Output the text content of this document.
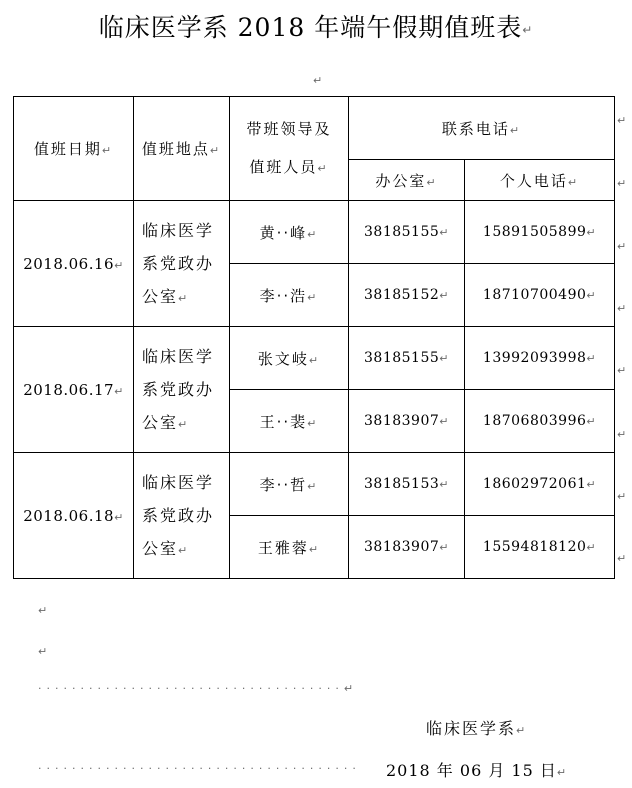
临床医学系 2018 年端午假期值班表↵
↵
值班日期↵	值班地点↵	带班领导及
值班人员↵	联系电话↵	
			办公室↵	个人电话↵
2018.06.16↵	临床医学
系党政办
公室↵	黄··峰↵	38185155↵	15891505899↵
		李··浩↵	38185152↵	18710700490↵
2018.06.17↵	临床医学
系党政办
公室↵	张文岐↵	38185155↵	13992093998↵
		王··裴↵	38183907↵	18706803996↵
2018.06.18↵	临床医学
系党政办
公室↵	李··哲↵	38185153↵	18602972061↵
		王雅蓉↵	38183907↵	15594818120↵
↵
↵
↵
↵
↵
↵
↵
↵
↵
↵
····································↵
临床医学系↵
······································ 2018 年 06 月 15 日↵
